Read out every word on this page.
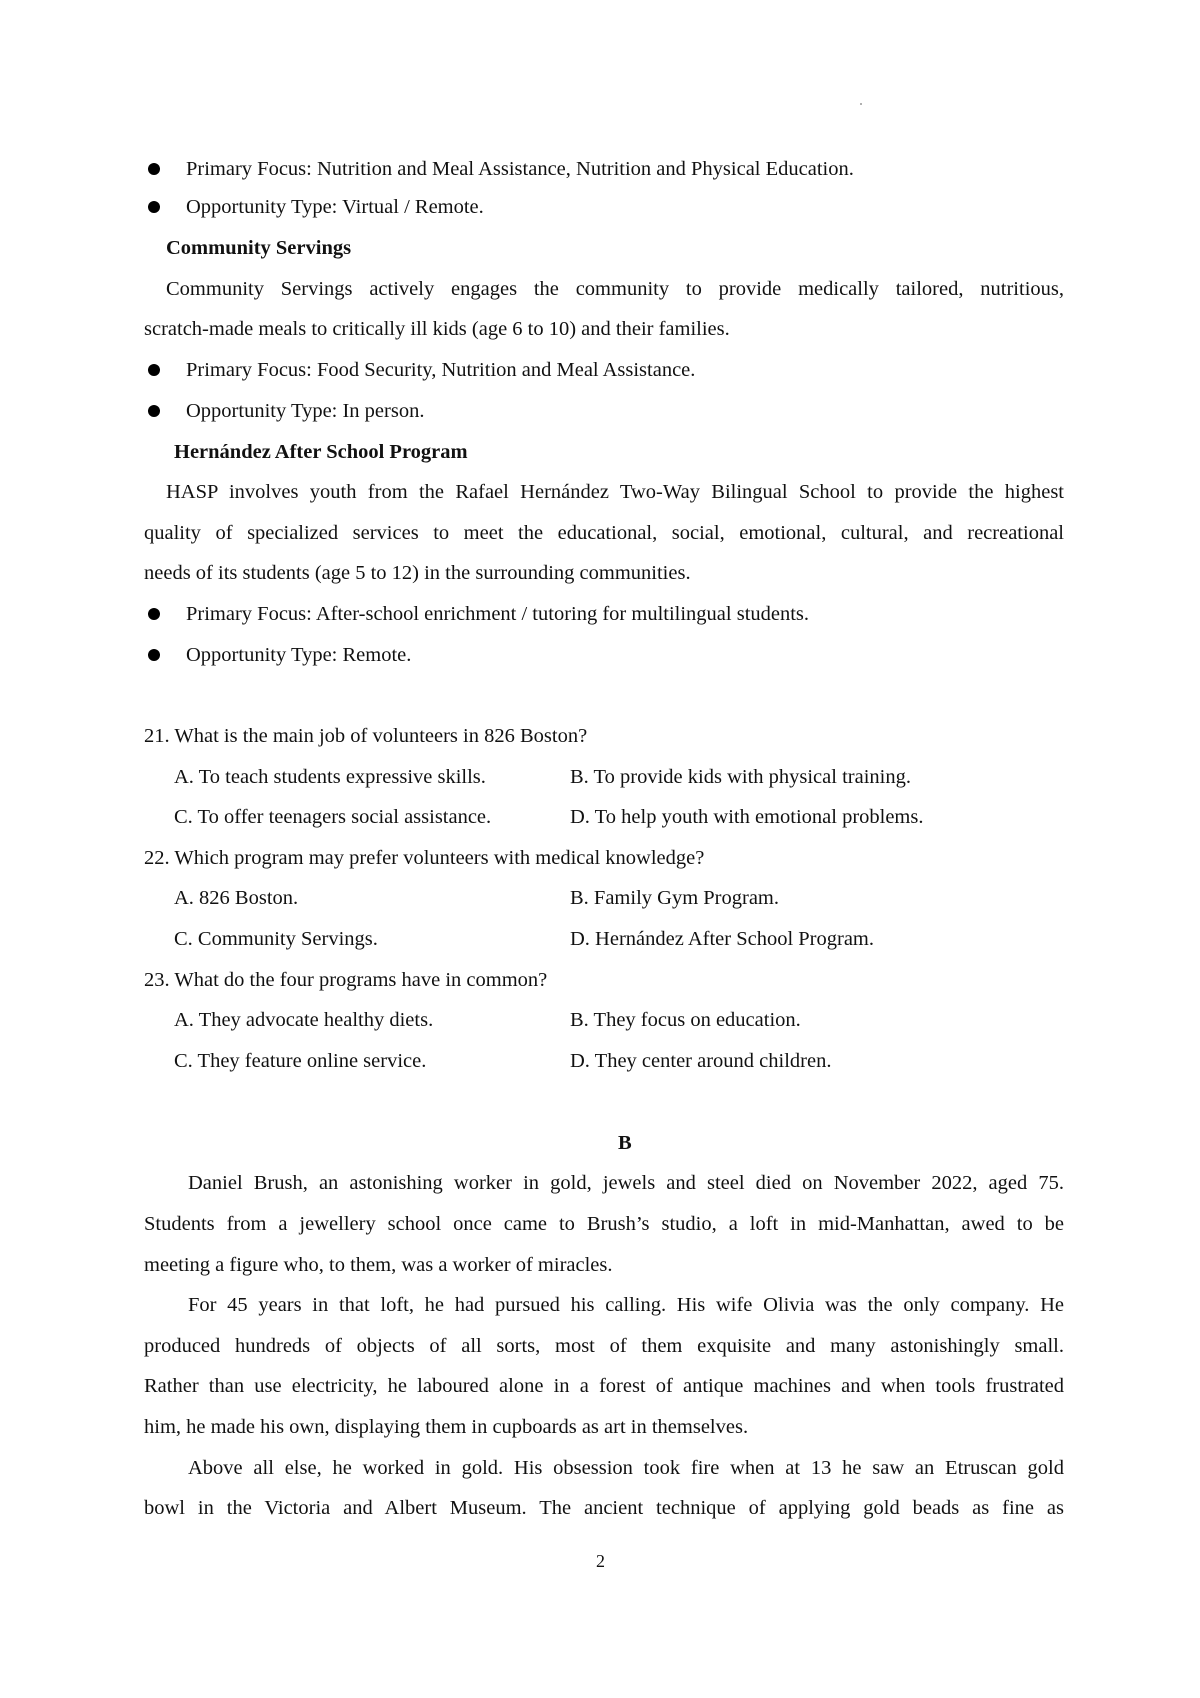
Primary Focus: Nutrition and Meal Assistance, Nutrition and Physical Education.
Opportunity Type: Virtual / Remote.
Community Servings
Community Servings actively engages the community to provide medically tailored, nutritious,
scratch-made meals to critically ill kids (age 6 to 10) and their families.
Primary Focus: Food Security, Nutrition and Meal Assistance.
Opportunity Type: In person.
Hernández After School Program
HASP involves youth from the Rafael Hernández Two-Way Bilingual School to provide the highest
quality of specialized services to meet the educational, social, emotional, cultural, and recreational
needs of its students (age 5 to 12) in the surrounding communities.
Primary Focus: After-school enrichment / tutoring for multilingual students.
Opportunity Type: Remote.
21. What is the main job of volunteers in 826 Boston?
A. To teach students expressive skills.	B. To provide kids with physical training.
C. To offer teenagers social assistance.	D. To help youth with emotional problems.
22. Which program may prefer volunteers with medical knowledge?
A. 826 Boston.	B. Family Gym Program.
C. Community Servings.	D. Hernández After School Program.
23. What do the four programs have in common?
A. They advocate healthy diets.	B. They focus on education.
C. They feature online service.	D. They center around children.
B
Daniel Brush, an astonishing worker in gold, jewels and steel died on November 2022, aged 75.
Students from a jewellery school once came to Brush’s studio, a loft in mid-Manhattan, awed to be
meeting a figure who, to them, was a worker of miracles.
For 45 years in that loft, he had pursued his calling. His wife Olivia was the only company. He
produced hundreds of objects of all sorts, most of them exquisite and many astonishingly small.
Rather than use electricity, he laboured alone in a forest of antique machines and when tools frustrated
him, he made his own, displaying them in cupboards as art in themselves.
Above all else, he worked in gold. His obsession took fire when at 13 he saw an Etruscan gold
bowl in the Victoria and Albert Museum. The ancient technique of applying gold beads as fine as
2
